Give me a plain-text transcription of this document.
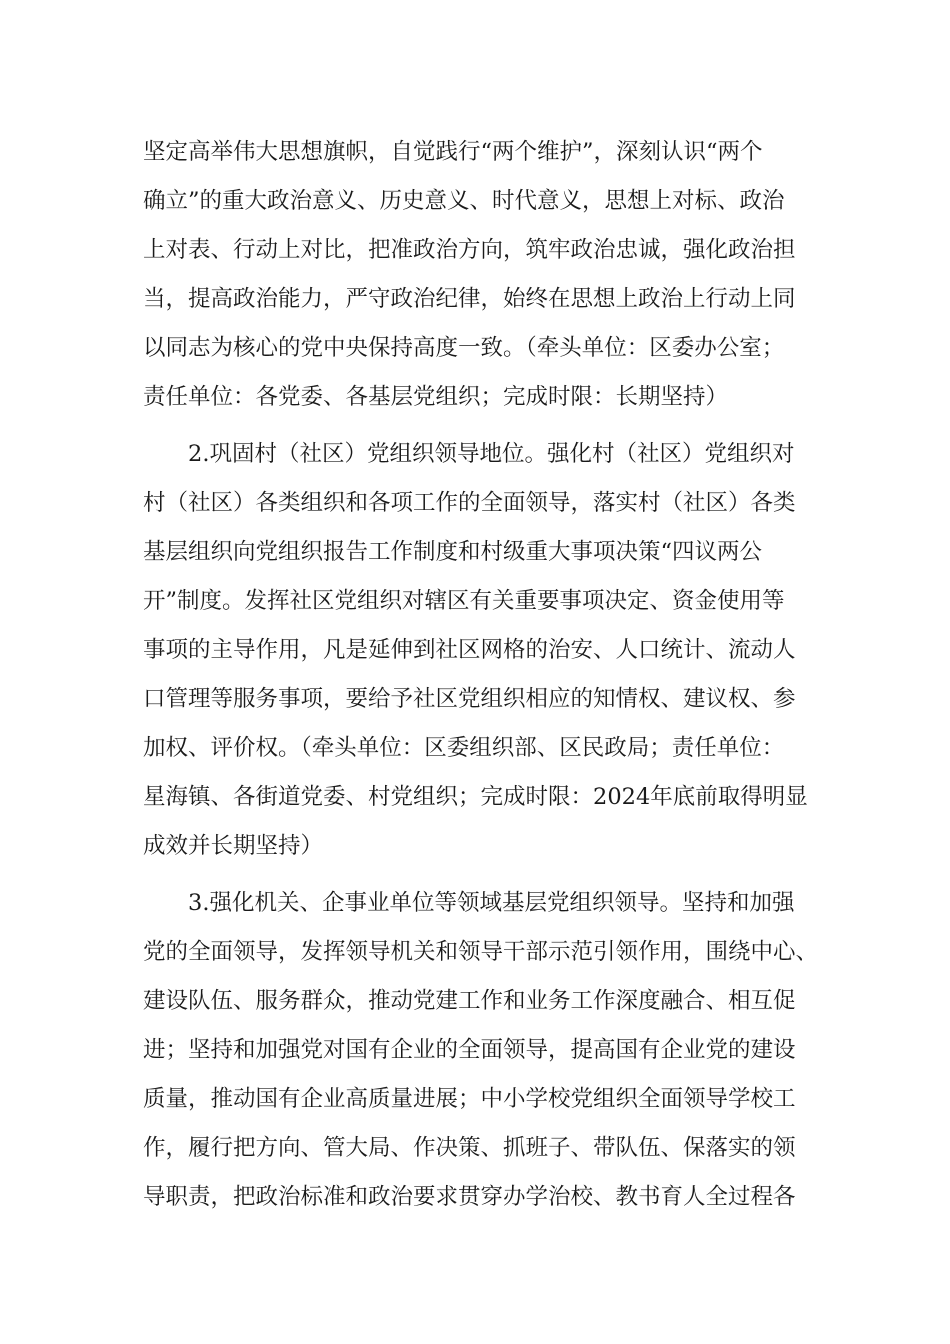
坚定高举伟大思想旗帜，自觉践行“两个维护”，深刻认识“两个
确立”的重大政治意义、历史意义、时代意义，思想上对标、政治
上对表、行动上对比，把准政治方向，筑牢政治忠诚，强化政治担
当，提高政治能力，严守政治纪律，始终在思想上政治上行动上同
以同志为核心的党中央保持高度一致。（牵头单位：区委办公室；
责任单位：各党委、各基层党组织；完成时限：长期坚持）
2.巩固村（社区）党组织领导地位。强化村（社区）党组织对
村（社区）各类组织和各项工作的全面领导，落实村（社区）各类
基层组织向党组织报告工作制度和村级重大事项决策“四议两公
开”制度。发挥社区党组织对辖区有关重要事项决定、资金使用等
事项的主导作用，凡是延伸到社区网格的治安、人口统计、流动人
口管理等服务事项，要给予社区党组织相应的知情权、建议权、参
加权、评价权。（牵头单位：区委组织部、区民政局；责任单位：
星海镇、各街道党委、村党组织；完成时限：2024年底前取得明显
成效并长期坚持）
3.强化机关、企事业单位等领域基层党组织领导。坚持和加强
党的全面领导，发挥领导机关和领导干部示范引领作用，围绕中心、
建设队伍、服务群众，推动党建工作和业务工作深度融合、相互促
进；坚持和加强党对国有企业的全面领导，提高国有企业党的建设
质量，推动国有企业高质量进展；中小学校党组织全面领导学校工
作，履行把方向、管大局、作决策、抓班子、带队伍、保落实的领
导职责，把政治标准和政治要求贯穿办学治校、教书育人全过程各
